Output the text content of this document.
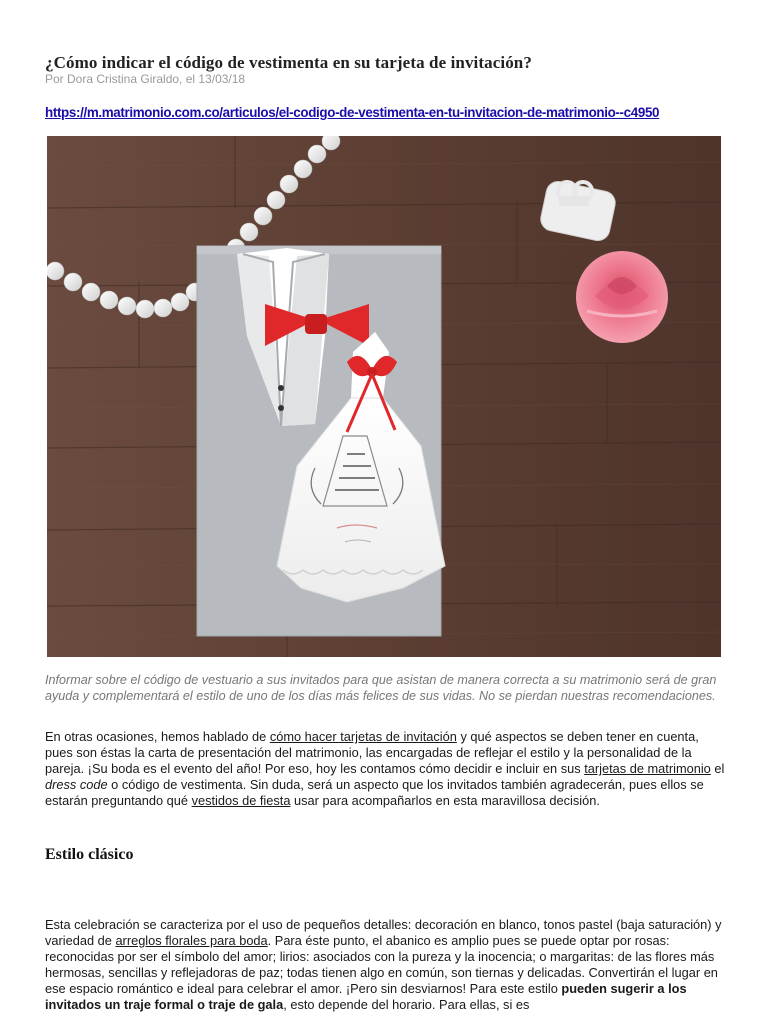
¿Cómo indicar el código de vestimenta en su tarjeta de invitación?
Por Dora Cristina Giraldo, el 13/03/18
https://m.matrimonio.com.co/articulos/el-codigo-de-vestimenta-en-tu-invitacion-de-matrimonio--c4950
Informar sobre el código de vestuario a sus invitados para que asistan de manera correcta a su matrimonio será de gran ayuda y complementará el estilo de uno de los días más felices de sus vidas. No se pierdan nuestras recomendaciones.

En otras ocasiones, hemos hablado de cómo hacer tarjetas de invitación y qué aspectos se deben tener en cuenta, pues son éstas la carta de presentación del matrimonio, las encargadas de reflejar el estilo y la personalidad de la pareja. ¡Su boda es el evento del año! Por eso, hoy les contamos cómo decidir e incluir en sus tarjetas de matrimonio el dress code o código de vestimenta. Sin duda, será un aspecto que los invitados también agradecerán, pues ellos se estarán preguntando qué vestidos de fiesta usar para acompañarlos en esta maravillosa decisión.

Estilo clásico

Esta celebración se caracteriza por el uso de pequeños detalles: decoración en blanco, tonos pastel (baja saturación) y variedad de arreglos florales para boda. Para éste punto, el abanico es amplio pues se puede optar por rosas: reconocidas por ser el símbolo del amor; lirios: asociados con la pureza y la inocencia; o margaritas: de las flores más hermosas, sencillas y reflejadoras de paz; todas tienen algo en común, son tiernas y delicadas. Convertirán el lugar en ese espacio romántico e ideal para celebrar el amor. ¡Pero sin desviarnos! Para este estilo pueden sugerir a los invitados un traje formal o traje de gala, esto depende del horario. Para ellas, si es
